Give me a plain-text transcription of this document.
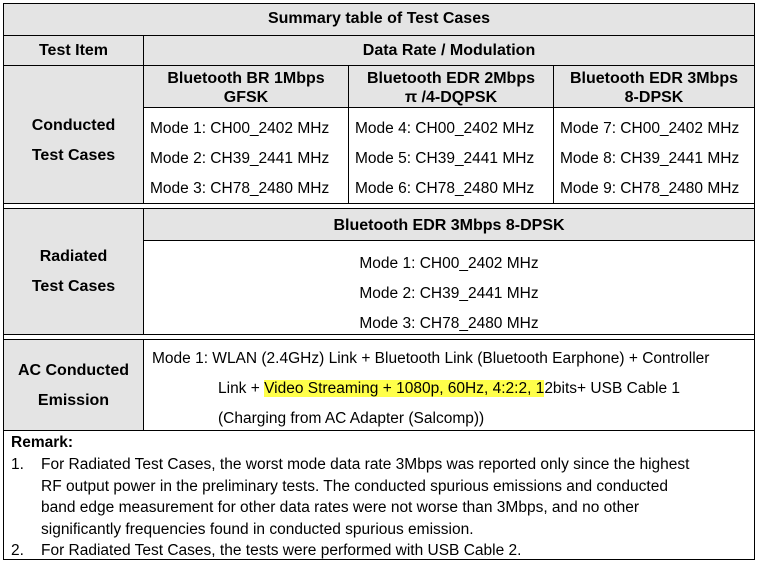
Summary table of Test Cases
Test Item	Data Rate / Modulation
Conducted
Test Cases
Bluetooth BR 1Mbps
GFSK
Bluetooth EDR 2Mbps
π /4-DQPSK
Bluetooth EDR 3Mbps
8-DPSK
Mode 1: CH00_2402 MHz
Mode 2: CH39_2441 MHz
Mode 3: CH78_2480 MHz
Mode 4: CH00_2402 MHz
Mode 5: CH39_2441 MHz
Mode 6: CH78_2480 MHz
Mode 7: CH00_2402 MHz
Mode 8: CH39_2441 MHz
Mode 9: CH78_2480 MHz
Radiated
Test Cases
Bluetooth EDR 3Mbps 8-DPSK
Mode 1: CH00_2402 MHz
Mode 2: CH39_2441 MHz
Mode 3: CH78_2480 MHz
AC Conducted
Emission
Mode 1: WLAN (2.4GHz) Link + Bluetooth Link (Bluetooth Earphone) + Controller
Link + Video Streaming + 1080p, 60Hz, 4:2:2, 12bits+ USB Cable 1
(Charging from AC Adapter (Salcomp))
Remark:
1. For Radiated Test Cases, the worst mode data rate 3Mbps was reported only since the highest
RF output power in the preliminary tests. The conducted spurious emissions and conducted
band edge measurement for other data rates were not worse than 3Mbps, and no other
significantly frequencies found in conducted spurious emission.
2. For Radiated Test Cases, the tests were performed with USB Cable 2.
